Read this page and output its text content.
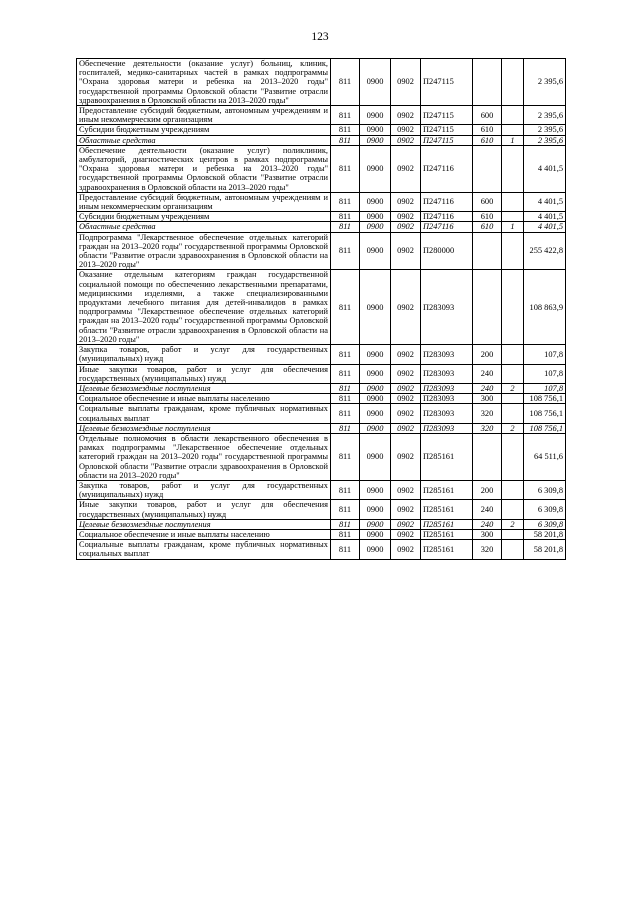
123
Обеспечение деятельности (оказание услуг) больниц, клиник, госпиталей, медико-санитарных частей в рамках подпрограммы "Охрана здоровья матери и ребенка на 2013–2020 годы" государственной программы Орловской области "Развитие отрасли здравоохранения в Орловской области на 2013–2020 годы"	811	0900	0902	П247115			2 395,6
Предоставление субсидий бюджетным, автономным учреждениям и иным некоммерческим организациям	811	0900	0902	П247115	600		2 395,6
Субсидии бюджетным учреждениям	811	0900	0902	П247115	610		2 395,6
Областные средства	811	0900	0902	П247115	610	1	2 395,6
Обеспечение деятельности (оказание услуг) поликлиник, амбулаторий, диагностических центров в рамках подпрограммы "Охрана здоровья матери и ребенка на 2013–2020 годы" государственной программы Орловской области "Развитие отрасли здравоохранения в Орловской области на 2013–2020 годы"	811	0900	0902	П247116			4 401,5
Предоставление субсидий бюджетным, автономным учреждениям и иным некоммерческим организациям	811	0900	0902	П247116	600		4 401,5
Субсидии бюджетным учреждениям	811	0900	0902	П247116	610		4 401,5
Областные средства	811	0900	0902	П247116	610	1	4 401,5
Подпрограмма "Лекарственное обеспечение отдельных категорий граждан на 2013–2020 годы" государственной программы Орловской области "Развитие отрасли здравоохранения в Орловской области на 2013–2020 годы"	811	0900	0902	П280000			255 422,8
Оказание отдельным категориям граждан государственной социальной помощи по обеспечению лекарственными препаратами, медицинскими изделиями, а также специализированными продуктами лечебного питания для детей-инвалидов в рамках подпрограммы "Лекарственное обеспечение отдельных категорий граждан на 2013–2020 годы" государственной программы Орловской области "Развитие отрасли здравоохранения в Орловской области на 2013–2020 годы"	811	0900	0902	П283093			108 863,9
Закупка товаров, работ и услуг для государственных (муниципальных) нужд	811	0900	0902	П283093	200		107,8
Иные закупки товаров, работ и услуг для обеспечения государственных (муниципальных) нужд	811	0900	0902	П283093	240		107,8
Целевые безвозмездные поступления	811	0900	0902	П283093	240	2	107,8
Социальное обеспечение и иные выплаты населению	811	0900	0902	П283093	300		108 756,1
Социальные выплаты гражданам, кроме публичных нормативных социальных выплат	811	0900	0902	П283093	320		108 756,1
Целевые безвозмездные поступления	811	0900	0902	П283093	320	2	108 756,1
Отдельные полномочия в области лекарственного обеспечения в рамках подпрограммы "Лекарственное обеспечение отдельных категорий граждан на 2013–2020 годы" государственной программы Орловской области "Развитие отрасли здравоохранения в Орловской области на 2013–2020 годы"	811	0900	0902	П285161			64 511,6
Закупка товаров, работ и услуг для государственных (муниципальных) нужд	811	0900	0902	П285161	200		6 309,8
Иные закупки товаров, работ и услуг для обеспечения государственных (муниципальных) нужд	811	0900	0902	П285161	240		6 309,8
Целевые безвозмездные поступления	811	0900	0902	П285161	240	2	6 309,8
Социальное обеспечение и иные выплаты населению	811	0900	0902	П285161	300		58 201,8
Социальные выплаты гражданам, кроме публичных нормативных социальных выплат	811	0900	0902	П285161	320		58 201,8
